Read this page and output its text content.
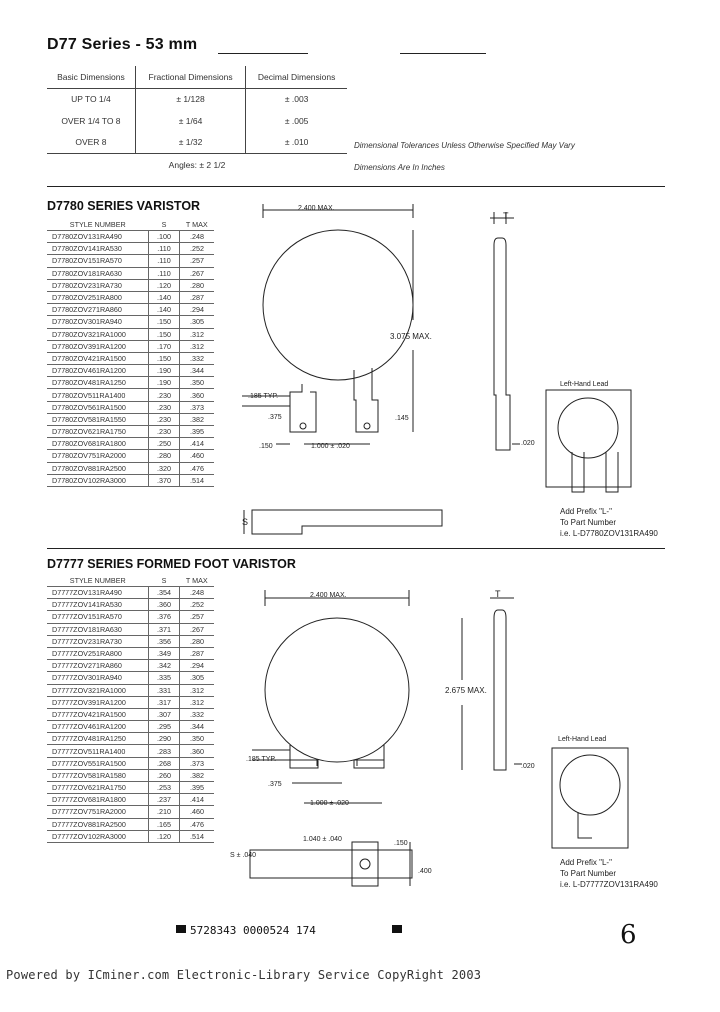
D77 Series - 53 mm
Basic Dimensions	Fractional Dimensions	Decimal Dimensions
UP TO 1/4	± 1/128	± .003
OVER 1/4 TO 8	± 1/64	± .005
OVER 8	± 1/32	± .010
Angles: ± 2 1/2		
Dimensional Tolerances Unless Otherwise Specified May Vary
Dimensions Are In Inches
D7780 SERIES VARISTOR
STYLE NUMBER	S	T MAX
D7780ZOV131RA490	.100	.248
D7780ZOV141RA530	.110	.252
D7780ZOV151RA570	.110	.257
D7780ZOV181RA630	.110	.267
D7780ZOV231RA730	.120	.280
D7780ZOV251RA800	.140	.287
D7780ZOV271RA860	.140	.294
D7780ZOV301RA940	.150	.305
D7780ZOV321RA1000	.150	.312
D7780ZOV391RA1200	.170	.312
D7780ZOV421RA1500	.150	.332
D7780ZOV461RA1200	.190	.344
D7780ZOV481RA1250	.190	.350
D7780ZOV511RA1400	.230	.360
D7780ZOV561RA1500	.230	.373
D7780ZOV581RA1550	.230	.382
D7780ZOV621RA1750	.230	.395
D7780ZOV681RA1800	.250	.414
D7780ZOV751RA2000	.280	.460
D7780ZOV881RA2500	.320	.476
D7780ZOV102RA3000	.370	.514
2.400 MAX.
3.075 MAX.
.185 TYP.
.375	.145
.150	1.000 ± .020	.020
T
S
Left-Hand Lead
Add Prefix "L-"
To Part Number
i.e. L-D7780ZOV131RA490
D7777 SERIES FORMED FOOT VARISTOR
STYLE NUMBER	S	T MAX
D7777ZOV131RA490	.354	.248
D7777ZOV141RA530	.360	.252
D7777ZOV151RA570	.376	.257
D7777ZOV181RA630	.371	.267
D7777ZOV231RA730	.356	.280
D7777ZOV251RA800	.349	.287
D7777ZOV271RA860	.342	.294
D7777ZOV301RA940	.335	.305
D7777ZOV321RA1000	.331	.312
D7777ZOV391RA1200	.317	.312
D7777ZOV421RA1500	.307	.332
D7777ZOV461RA1200	.295	.344
D7777ZOV481RA1250	.290	.350
D7777ZOV511RA1400	.283	.360
D7777ZOV551RA1500	.268	.373
D7777ZOV581RA1580	.260	.382
D7777ZOV621RA1750	.253	.395
D7777ZOV681RA1800	.237	.414
D7777ZOV751RA2000	.210	.460
D7777ZOV881RA2500	.165	.476
D7777ZOV102RA3000	.120	.514
2.400 MAX.
2.675 MAX.
.185 TYP.
.375
1.000 ± .020
.020
1.040 ± .040
.150
.400
S ± .040
T
Left-Hand Lead
Add Prefix "L-"
To Part Number
i.e. L-D7777ZOV131RA490
5728343 0000524 174	6
Powered by ICminer.com Electronic-Library Service CopyRight 2003
